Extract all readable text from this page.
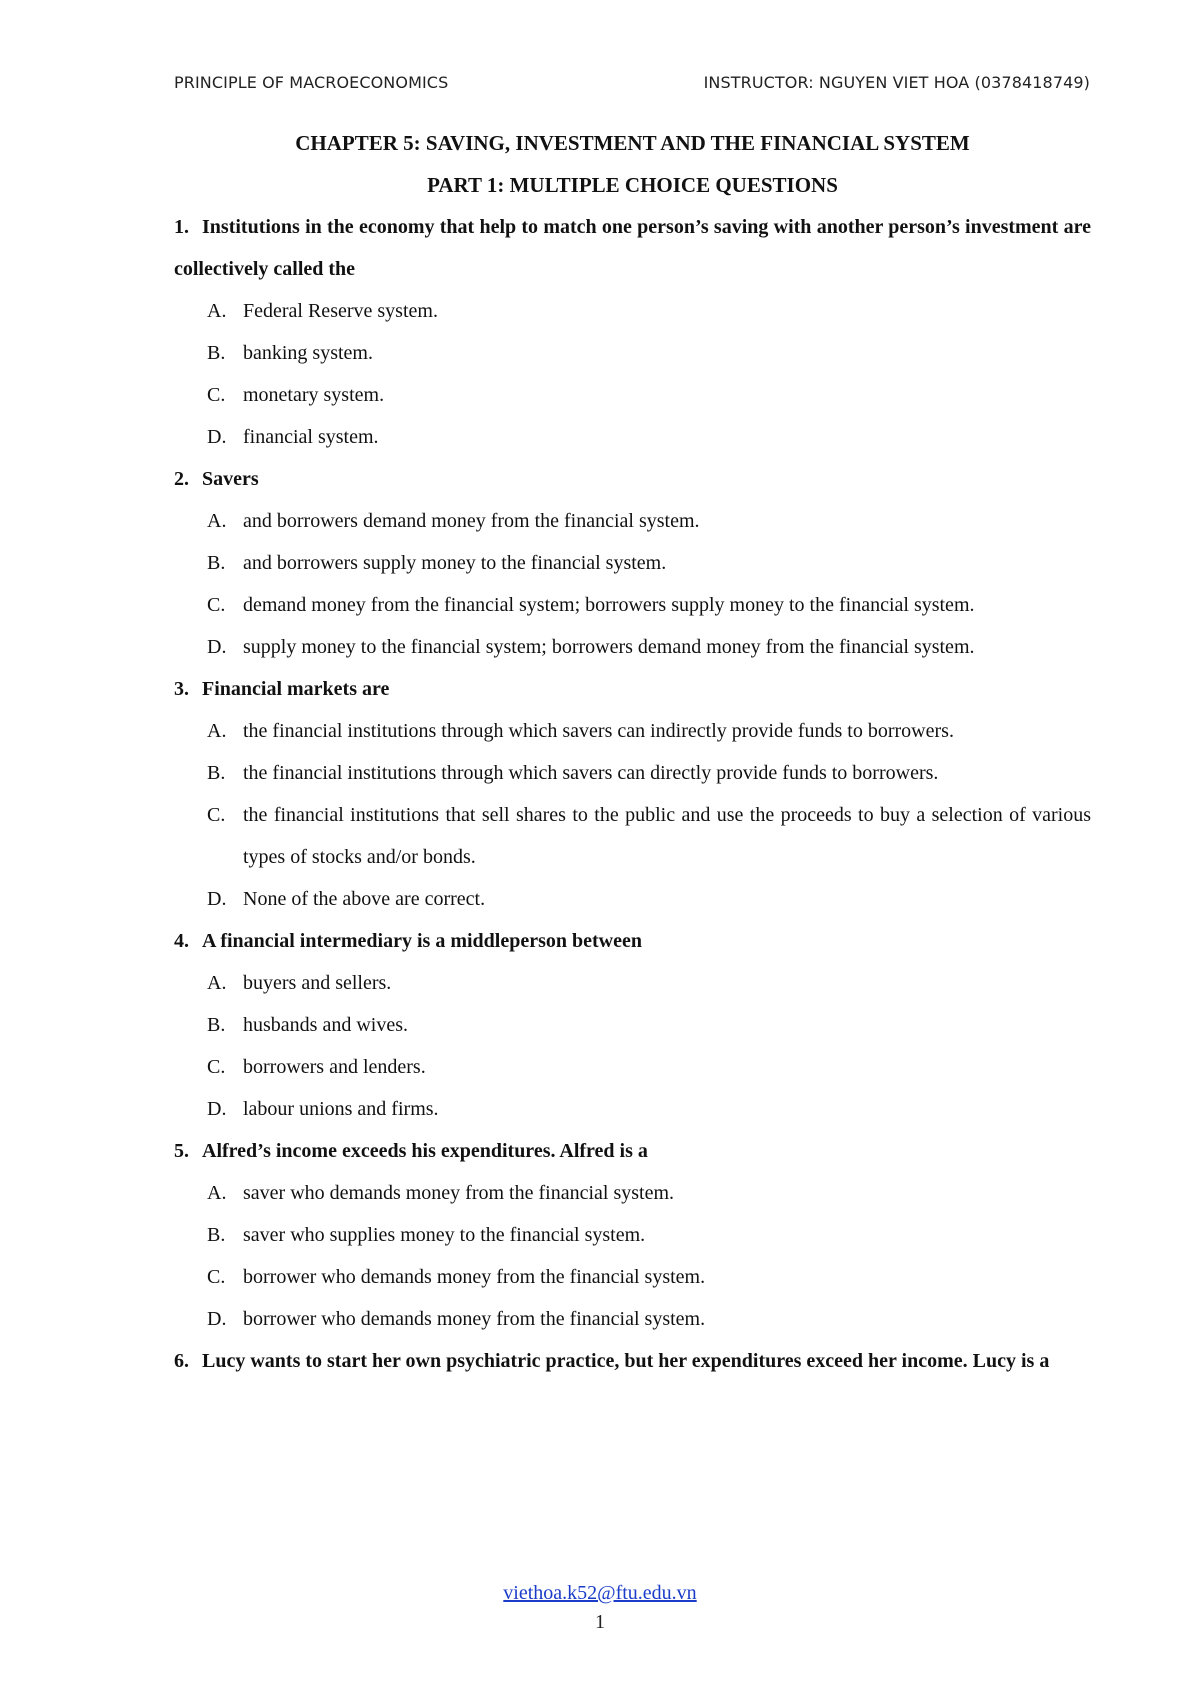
PRINCIPLE OF MACROECONOMICS	INSTRUCTOR: NGUYEN VIET HOA (0378418749)

CHAPTER 5: SAVING, INVESTMENT AND THE FINANCIAL SYSTEM

PART 1: MULTIPLE CHOICE QUESTIONS

1. Institutions in the economy that help to match one person’s saving with another person’s investment are collectively called the

A. Federal Reserve system.
B. banking system.
C. monetary system.
D. financial system.

2. Savers

A. and borrowers demand money from the financial system.
B. and borrowers supply money to the financial system.
C. demand money from the financial system; borrowers supply money to the financial system.
D. supply money to the financial system; borrowers demand money from the financial system.

3. Financial markets are

A. the financial institutions through which savers can indirectly provide funds to borrowers.
B. the financial institutions through which savers can directly provide funds to borrowers.
C. the financial institutions that sell shares to the public and use the proceeds to buy a selection of various types of stocks and/or bonds.
D. None of the above are correct.

4. A financial intermediary is a middleperson between

A. buyers and sellers.
B. husbands and wives.
C. borrowers and lenders.
D. labour unions and firms.

5. Alfred’s income exceeds his expenditures. Alfred is a

A. saver who demands money from the financial system.
B. saver who supplies money to the financial system.
C. borrower who demands money from the financial system.
D. borrower who demands money from the financial system.

6. Lucy wants to start her own psychiatric practice, but her expenditures exceed her income. Lucy is a

viethoa.k52@ftu.edu.vn
1
